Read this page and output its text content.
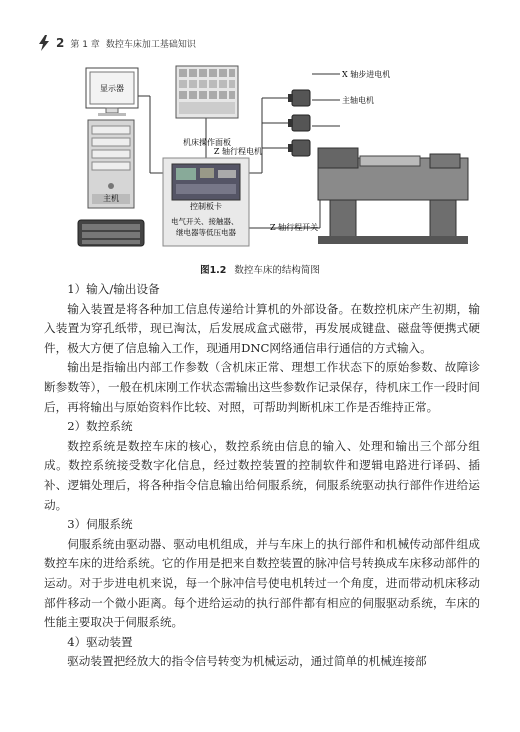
2 第 1 章 数控车床加工基础知识
显示器
主机
机床操作面板
控制板卡
电气开关、接触器、 继电器等低压电器
X 轴步进电机
主轴电机
Z 轴行程电机
Z 轴行程开关
图1.2 数控车床的结构简图
1）输入/输出设备

输入装置是将各种加工信息传递给计算机的外部设备。在数控机床产生初期，输入装置为穿孔纸带，现已淘汰，后发展成盒式磁带，再发展成键盘、磁盘等便携式硬件，极大方便了信息输入工作，现通用DNC网络通信串行通信的方式输入。

输出是指输出内部工作参数（含机床正常、理想工作状态下的原始参数、故障诊断参数等），一般在机床刚工作状态需输出这些参数作记录保存，待机床工作一段时间后，再将输出与原始资料作比较、对照，可帮助判断机床工作是否维持正常。

2）数控系统

数控系统是数控车床的核心，数控系统由信息的输入、处理和输出三个部分组成。数控系统接受数字化信息，经过数控装置的控制软件和逻辑电路进行译码、插补、逻辑处理后，将各种指令信息输出给伺服系统，伺服系统驱动执行部件作进给运动。

3）伺服系统

伺服系统由驱动器、驱动电机组成，并与车床上的执行部件和机械传动部件组成数控车床的进给系统。它的作用是把来自数控装置的脉冲信号转换成车床移动部件的运动。对于步进电机来说，每一个脉冲信号使电机转过一个角度，进而带动机床移动部件移动一个微小距离。每个进给运动的执行部件都有相应的伺服驱动系统，车床的性能主要取决于伺服系统。

4）驱动装置

驱动装置把经放大的指令信号转变为机械运动，通过简单的机械连接部
